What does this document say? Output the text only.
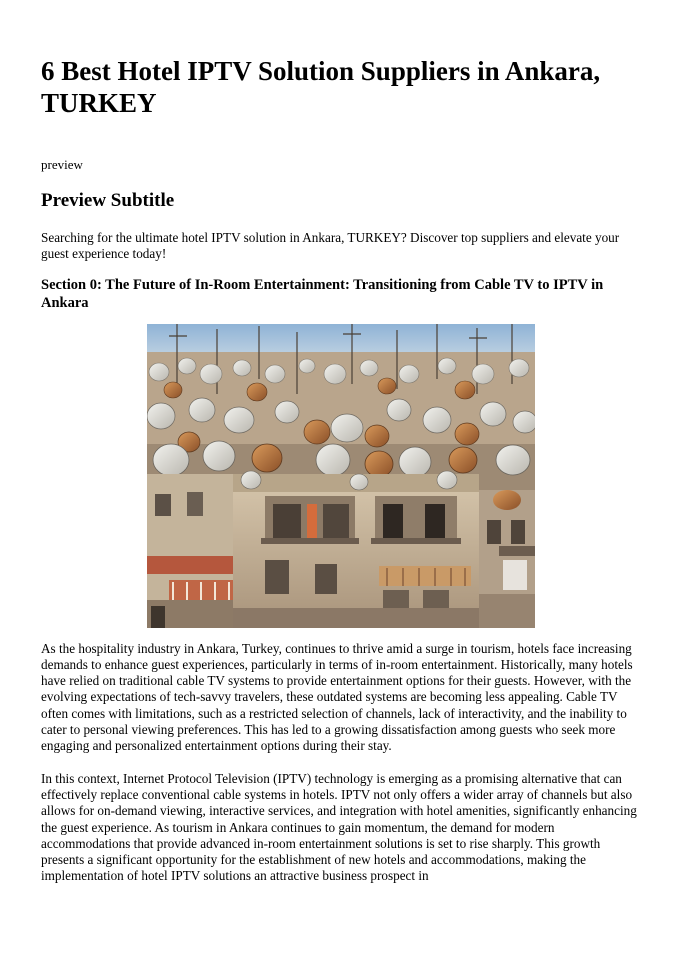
6 Best Hotel IPTV Solution Suppliers in Ankara, TURKEY

preview

Preview Subtitle

Searching for the ultimate hotel IPTV solution in Ankara, TURKEY? Discover top suppliers and elevate your guest experience today!

Section 0: The Future of In-Room Entertainment: Transitioning from Cable TV to IPTV in Ankara

As the hospitality industry in Ankara, Turkey, continues to thrive amid a surge in tourism, hotels face increasing demands to enhance guest experiences, particularly in terms of in-room entertainment. Historically, many hotels have relied on traditional cable TV systems to provide entertainment options for their guests. However, with the evolving expectations of tech-savvy travelers, these outdated systems are becoming less appealing. Cable TV often comes with limitations, such as a restricted selection of channels, lack of interactivity, and the inability to cater to personal viewing preferences. This has led to a growing dissatisfaction among guests who seek more engaging and personalized entertainment options during their stay.

In this context, Internet Protocol Television (IPTV) technology is emerging as a promising alternative that can effectively replace conventional cable systems in hotels. IPTV not only offers a wider array of channels but also allows for on-demand viewing, interactive services, and integration with hotel amenities, significantly enhancing the guest experience. As tourism in Ankara continues to gain momentum, the demand for modern accommodations that provide advanced in-room entertainment solutions is set to rise sharply. This growth presents a significant opportunity for the establishment of new hotels and accommodations, making the implementation of hotel IPTV solutions an attractive business prospect in
